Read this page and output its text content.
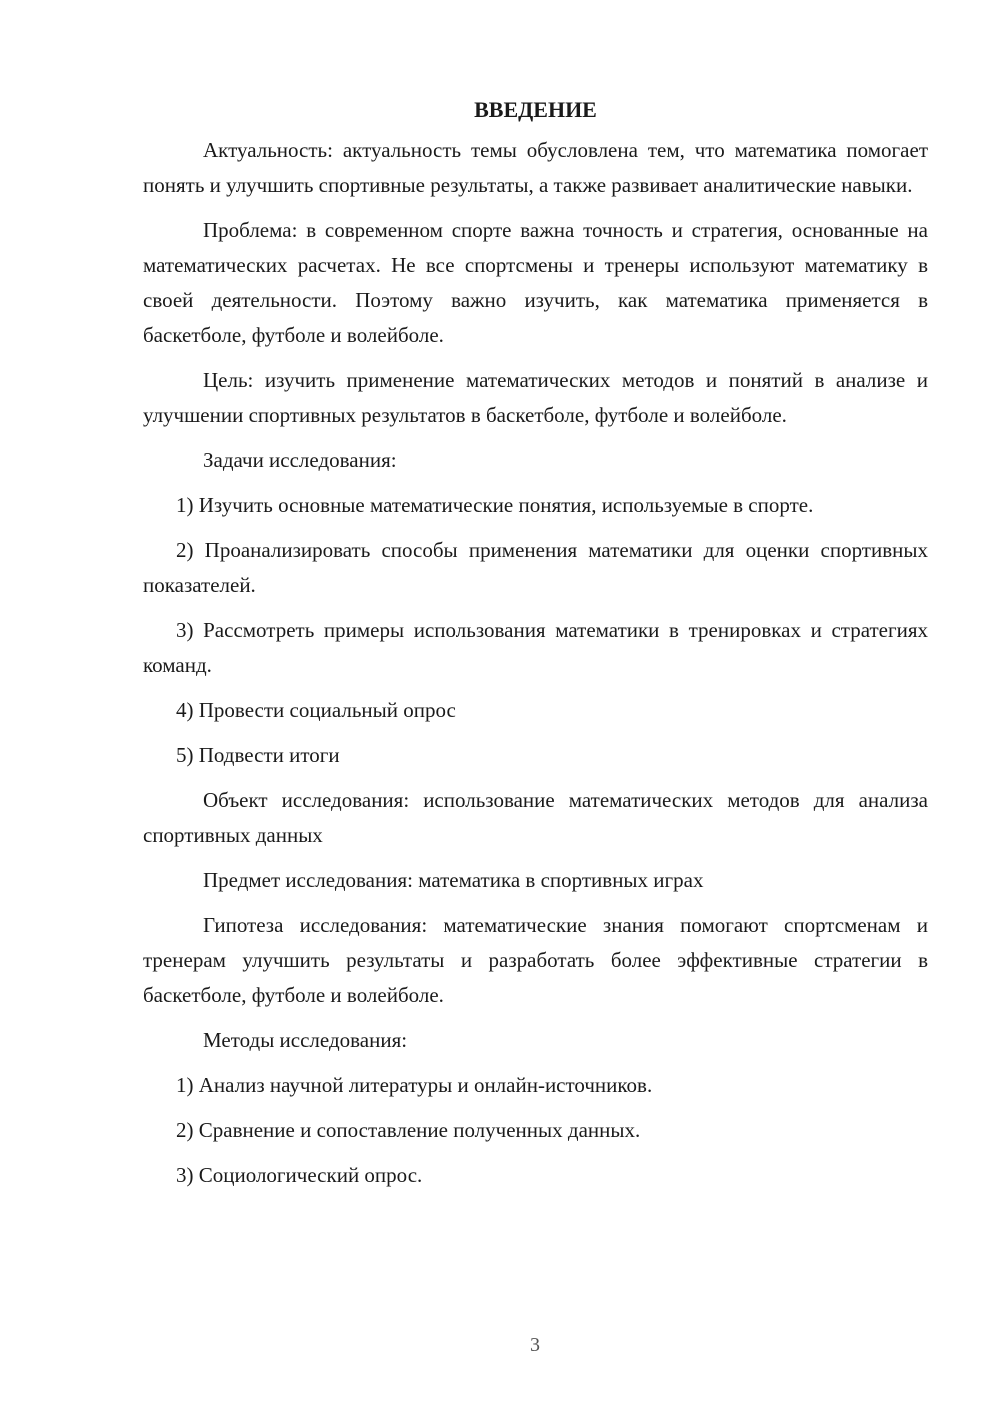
ВВЕДЕНИЕ

Актуальность: актуальность темы обусловлена тем, что математика помогает понять и улучшить спортивные результаты, а также развивает аналитические навыки.

Проблема: в современном спорте важна точность и стратегия, основанные на математических расчетах. Не все спортсмены и тренеры используют математику в своей деятельности. Поэтому важно изучить, как математика применяется в баскетболе, футболе и волейболе.

Цель: изучить применение математических методов и понятий в анализе и улучшении спортивных результатов в баскетболе, футболе и волейболе.

Задачи исследования:

1) Изучить основные математические понятия, используемые в спорте.

2) Проанализировать способы применения математики для оценки спортивных показателей.

3) Рассмотреть примеры использования математики в тренировках и стратегиях команд.

4) Провести социальный опрос

5) Подвести итоги

Объект исследования: использование математических методов для анализа спортивных данных

Предмет исследования: математика в спортивных играх

Гипотеза исследования: математические знания помогают спортсменам и тренерам улучшить результаты и разработать более эффективные стратегии в баскетболе, футболе и волейболе.

Методы исследования:

1) Анализ научной литературы и онлайн-источников.

2) Сравнение и сопоставление полученных данных.

3) Социологический опрос.

3
